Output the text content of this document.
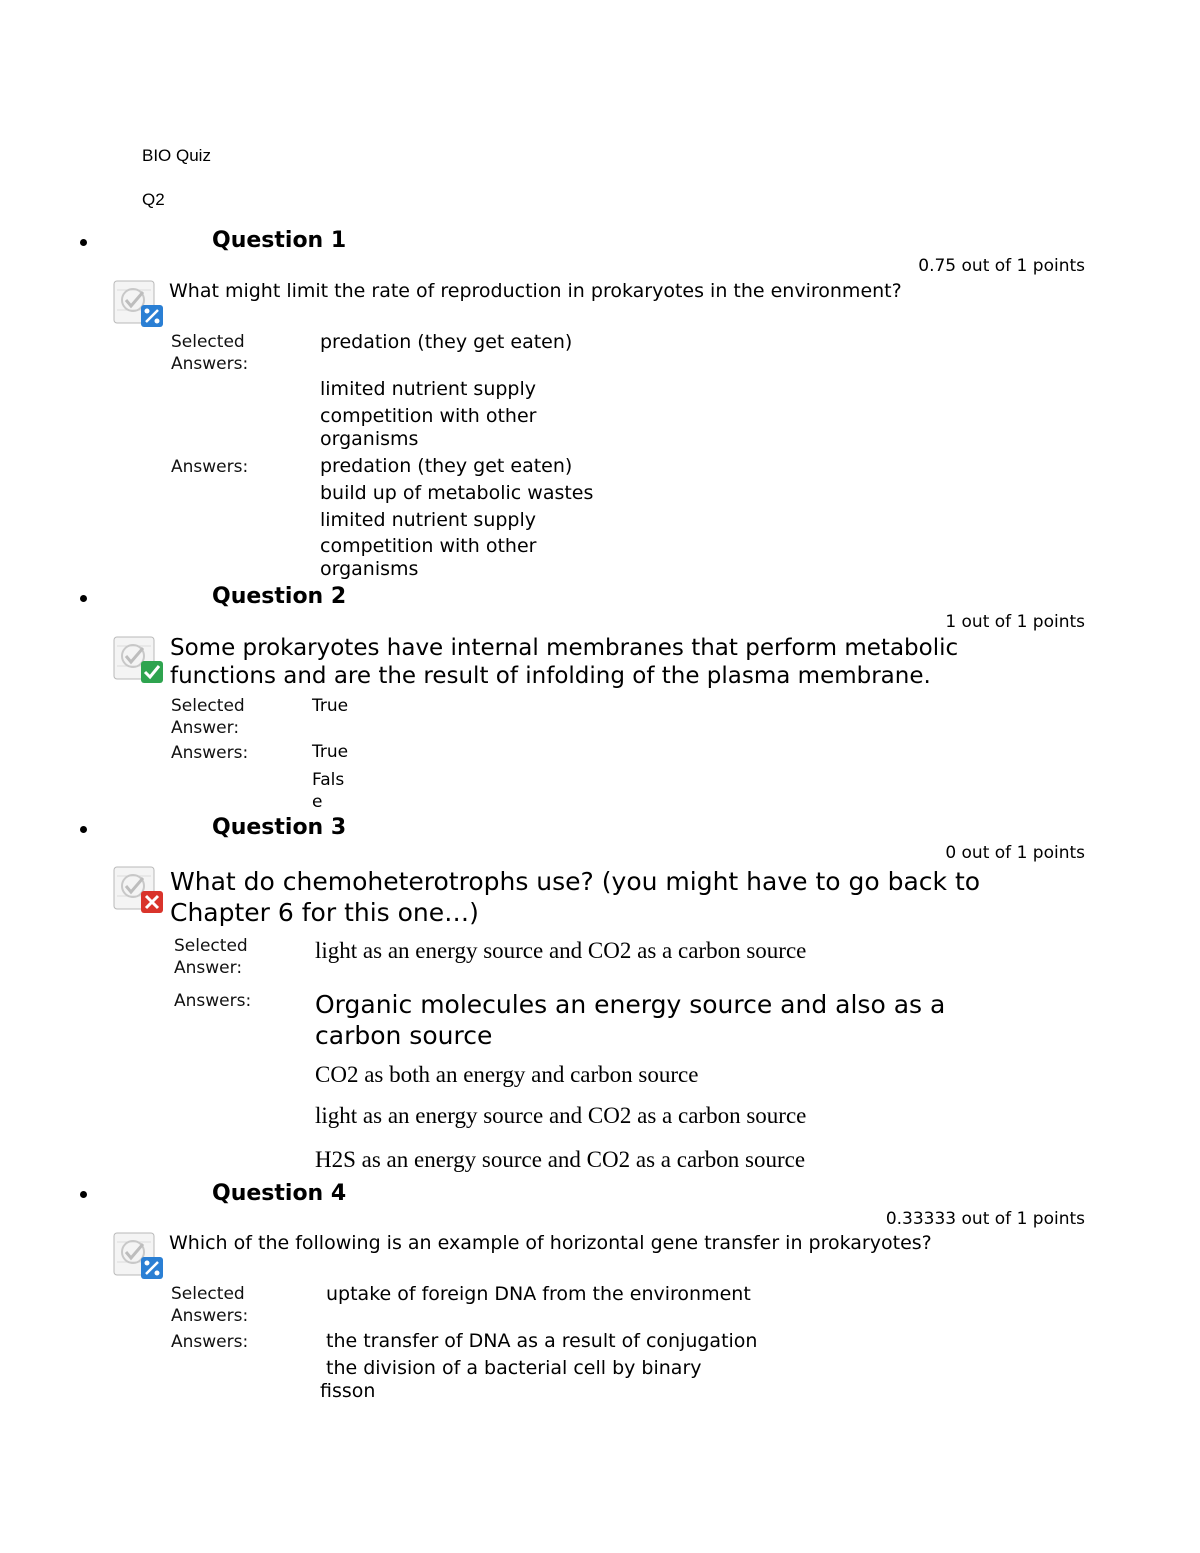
BIO Quiz
Q2
Question 1
0.75 out of 1 points
What might limit the rate of reproduction in prokaryotes in the environment?
Selected
Answers:
predation (they get eaten)
limited nutrient supply
competition with other organisms
Answers:	predation (they get eaten)
build up of metabolic wastes
limited nutrient supply
competition with other organisms
Question 2
1 out of 1 points
Some prokaryotes have internal membranes that perform metabolic functions and are the result of infolding of the plasma membrane.
Selected
Answer:
True
Answers:	True
False
Question 3
0 out of 1 points
What do chemoheterotrophs use? (you might have to go back to Chapter 6 for this one…)
Selected
Answer:
light as an energy source and CO2 as a carbon source
Answers:	Organic molecules an energy source and also as a carbon source
CO2 as both an energy and carbon source
light as an energy source and CO2 as a carbon source
H2S as an energy source and CO2 as a carbon source
Question 4
0.33333 out of 1 points
Which of the following is an example of horizontal gene transfer in prokaryotes?
Selected
Answers:
uptake of foreign DNA from the environment
Answers:	the transfer of DNA as a result of conjugation
the division of a bacterial cell by binary fisson
